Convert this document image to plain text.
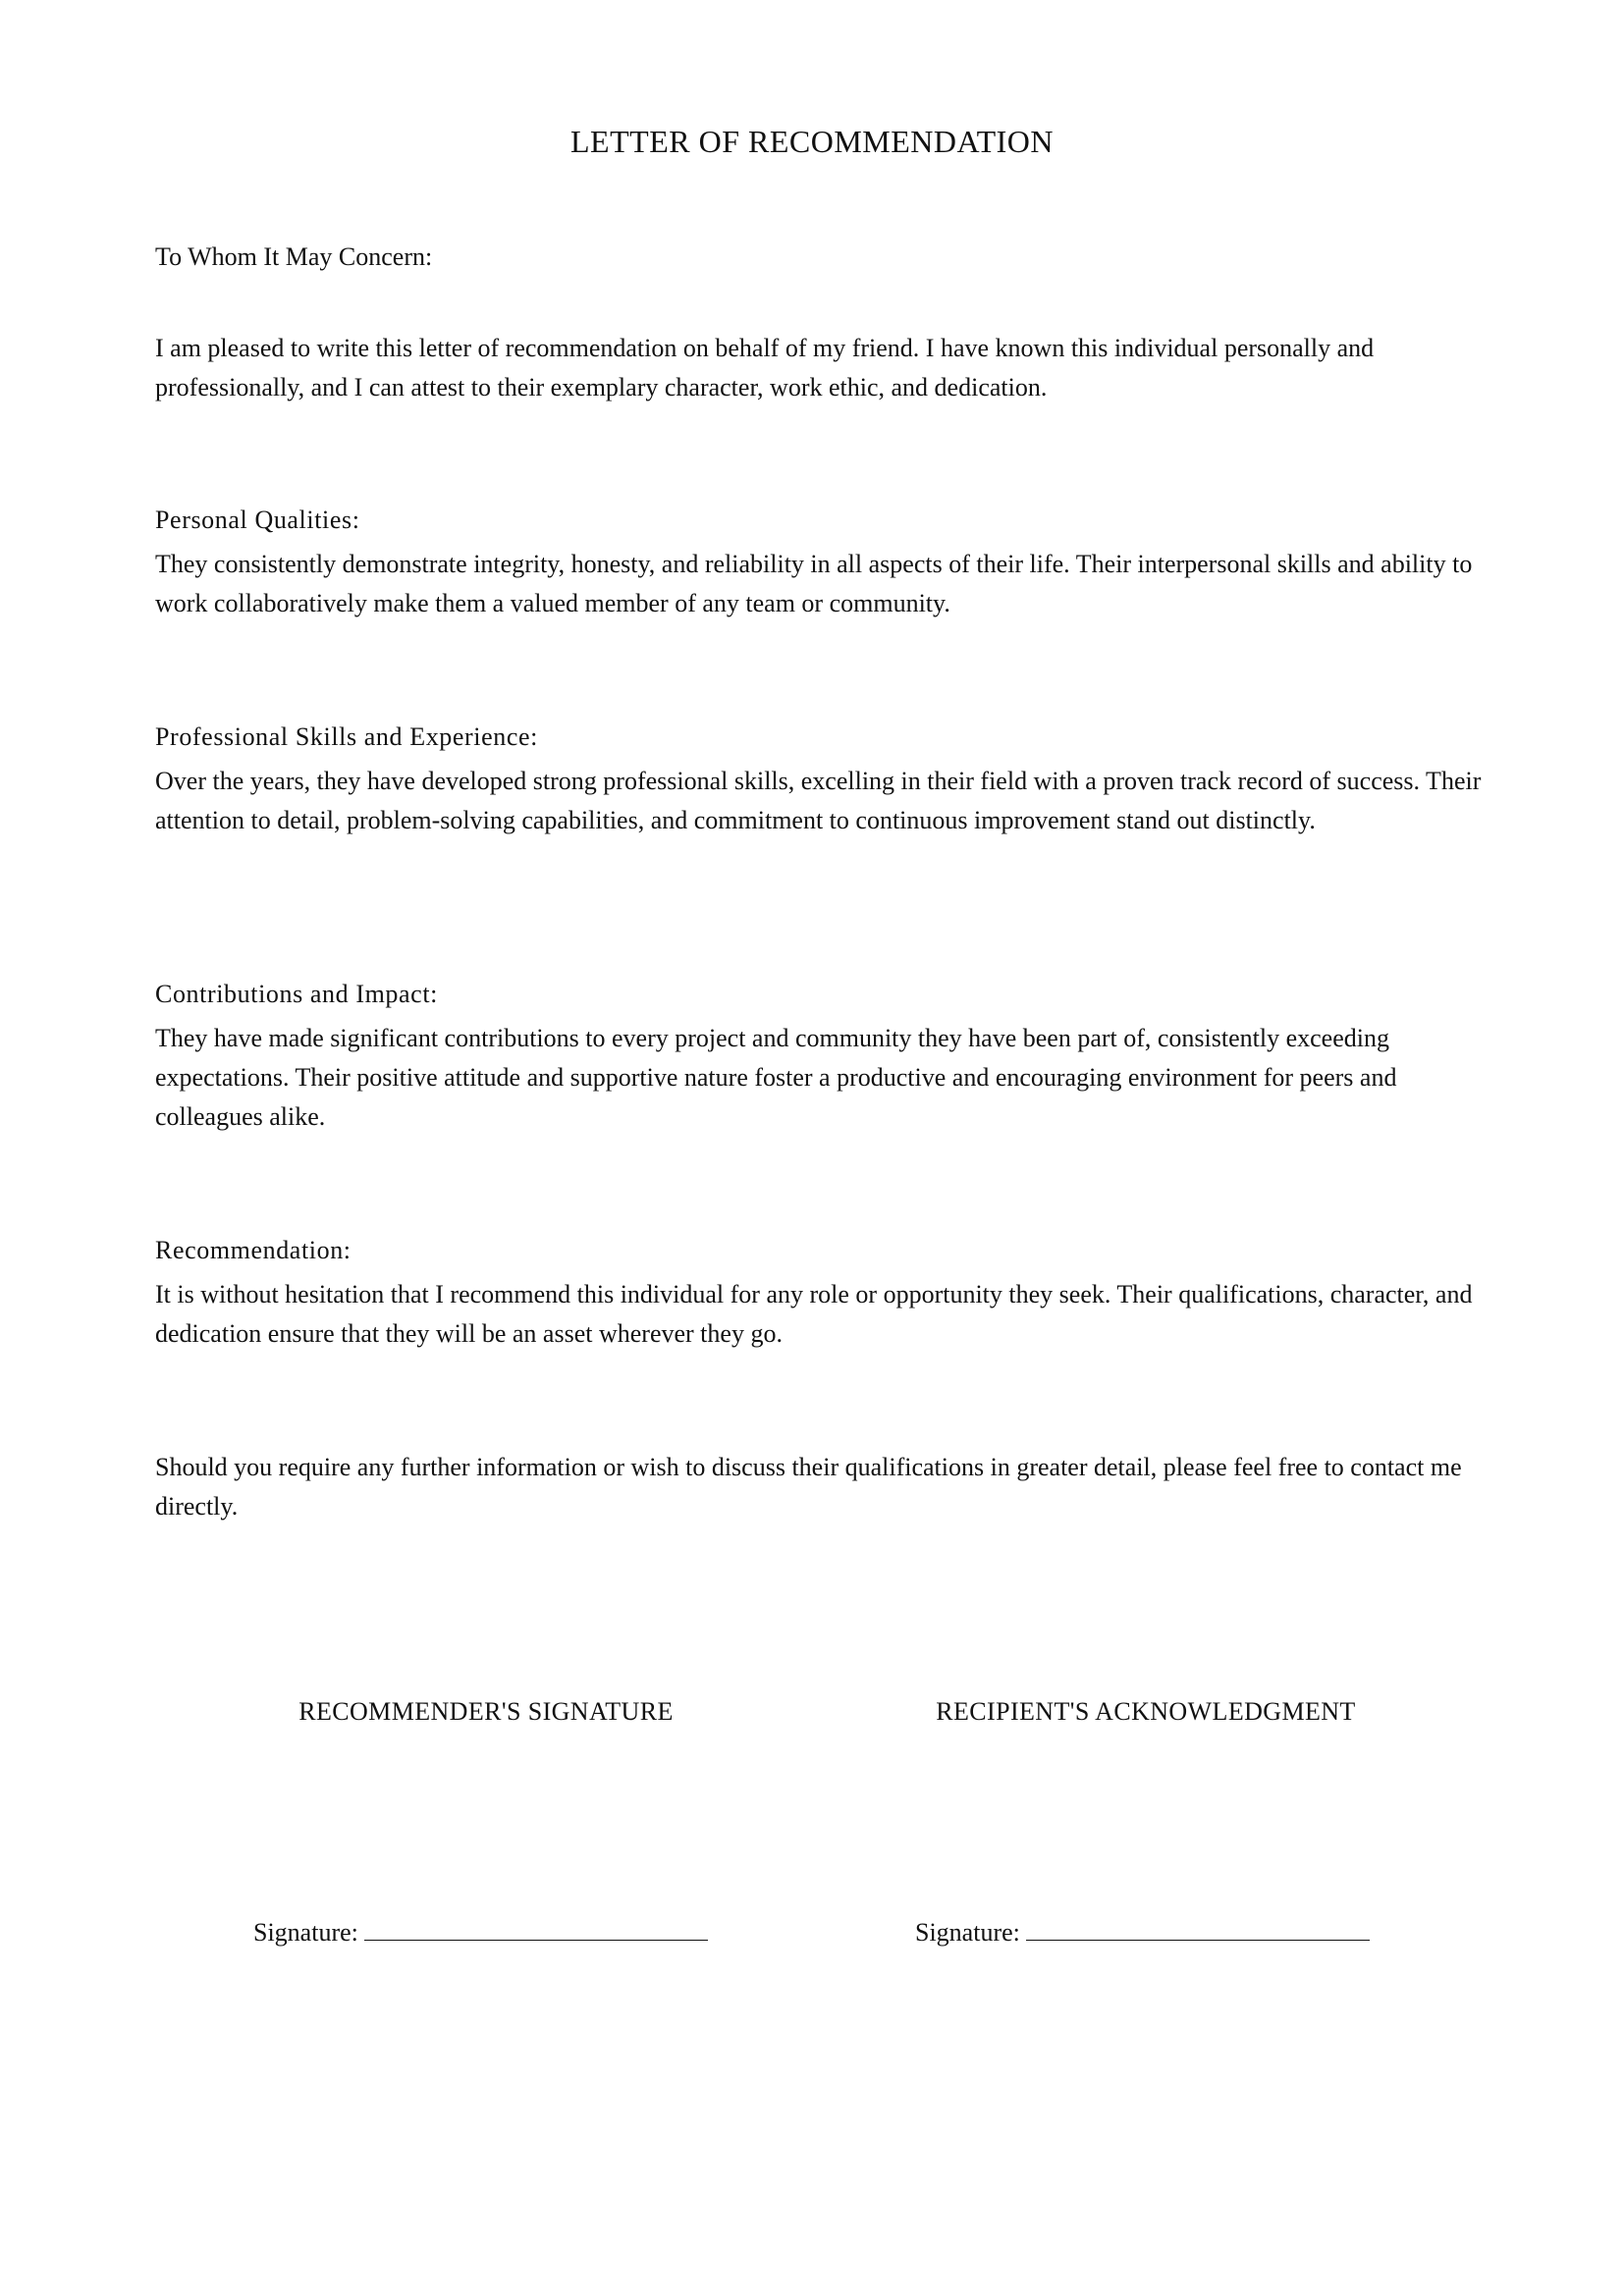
LETTER OF RECOMMENDATION

To Whom It May Concern:

I am pleased to write this letter of recommendation on behalf of my friend. I have known this individual personally and professionally, and I can attest to their exemplary character, work ethic, and dedication.

Personal Qualities:

They consistently demonstrate integrity, honesty, and reliability in all aspects of their life. Their interpersonal skills and ability to work collaboratively make them a valued member of any team or community.

Professional Skills and Experience:

Over the years, they have developed strong professional skills, excelling in their field with a proven track record of success. Their attention to detail, problem-solving capabilities, and commitment to continuous improvement stand out distinctly.

Contributions and Impact:

They have made significant contributions to every project and community they have been part of, consistently exceeding expectations. Their positive attitude and supportive nature foster a productive and encouraging environment for peers and colleagues alike.

Recommendation:

It is without hesitation that I recommend this individual for any role or opportunity they seek. Their qualifications, character, and dedication ensure that they will be an asset wherever they go.

Should you require any further information or wish to discuss their qualifications in greater detail, please feel free to contact me directly.

RECOMMENDER'S SIGNATURE	RECIPIENT'S ACKNOWLEDGMENT
Signature:	Signature:
